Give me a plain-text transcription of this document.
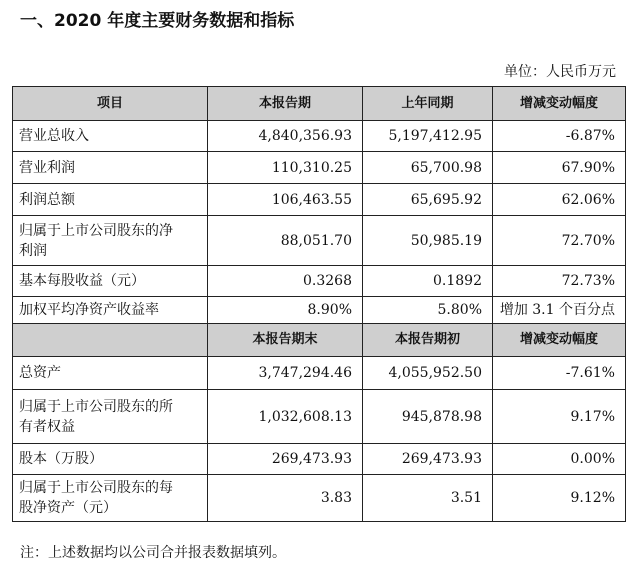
一、2020 年度主要财务数据和指标
单位：人民币万元
项目	本报告期	上年同期	增减变动幅度
营业总收入	4,840,356.93	5,197,412.95	-6.87%
营业利润	110,310.25	65,700.98	67.90%
利润总额	106,463.55	65,695.92	62.06%
归属于上市公司股东的净
利润	88,051.70	50,985.19	72.70%
基本每股收益（元）	0.3268	0.1892	72.73%
加权平均净资产收益率	8.90%	5.80%	增加 3.1 个百分点
	本报告期末	本报告期初	增减变动幅度
总资产	3,747,294.46	4,055,952.50	-7.61%
归属于上市公司股东的所
有者权益	1,032,608.13	945,878.98	9.17%
股本（万股）	269,473.93	269,473.93	0.00%
归属于上市公司股东的每
股净资产（元）	3.83	3.51	9.12%
注：上述数据均以公司合并报表数据填列。
